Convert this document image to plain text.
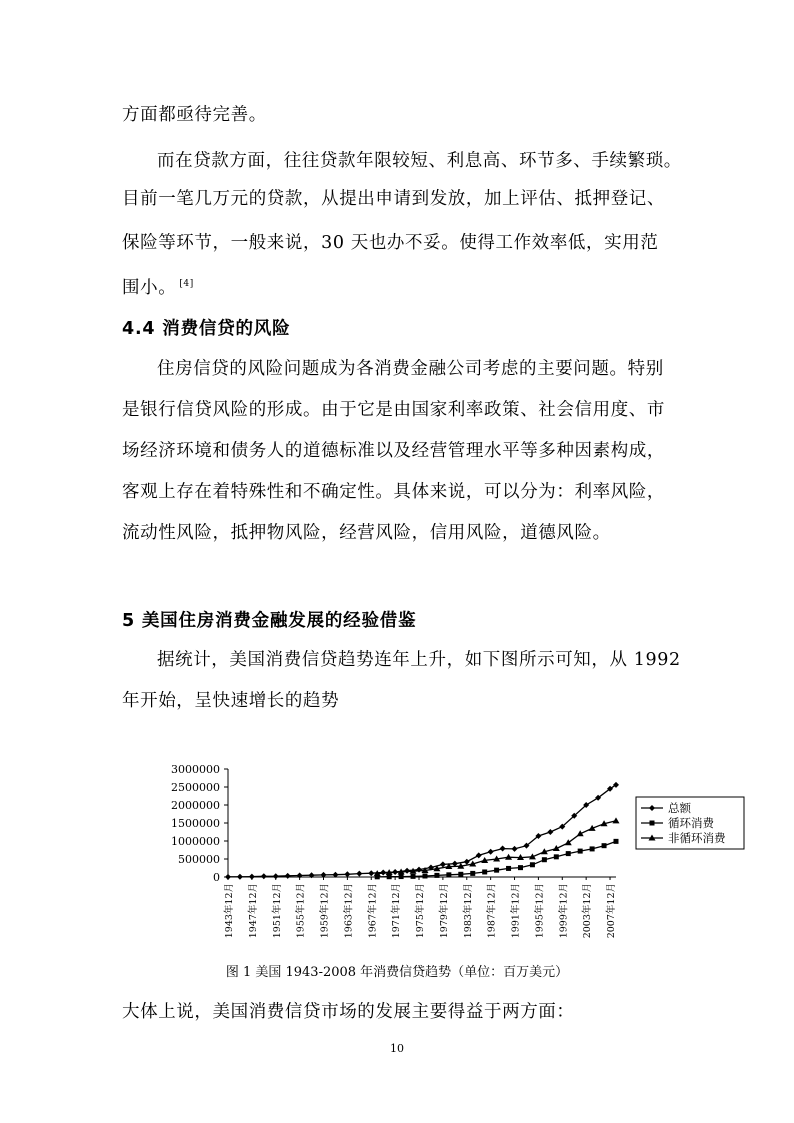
方面都亟待完善。
而在贷款方面，往往贷款年限较短、利息高、环节多、手续繁琐。
目前一笔几万元的贷款，从提出申请到发放，加上评估、抵押登记、
保险等环节，一般来说，30 天也办不妥。使得工作效率低，实用范
围小。 [4]
4.4 消费信贷的风险
住房信贷的风险问题成为各消费金融公司考虑的主要问题。特别
是银行信贷风险的形成。由于它是由国家利率政策、社会信用度、市
场经济环境和债务人的道德标准以及经营管理水平等多种因素构成，
客观上存在着特殊性和不确定性。具体来说，可以分为：利率风险，
流动性风险，抵押物风险，经营风险，信用风险，道德风险。
5 美国住房消费金融发展的经验借鉴
据统计，美国消费信贷趋势连年上升，如下图所示可知，从 1992
年开始，呈快速增长的趋势
0
500000
1000000
1500000
2000000
2500000
3000000
1943年12月 1947年12月 1951年12月 1955年12月 1959年12月 1963年12月 1967年12月 1971年12月 1975年12月 1979年12月 1983年12月 1987年12月 1991年12月 1995年12月 1999年12月 2003年12月 2007年12月
总额
循环消费
非循环消费
图 1 美国 1943-2008 年消费信贷趋势（单位：百万美元）
大体上说，美国消费信贷市场的发展主要得益于两方面：
10
